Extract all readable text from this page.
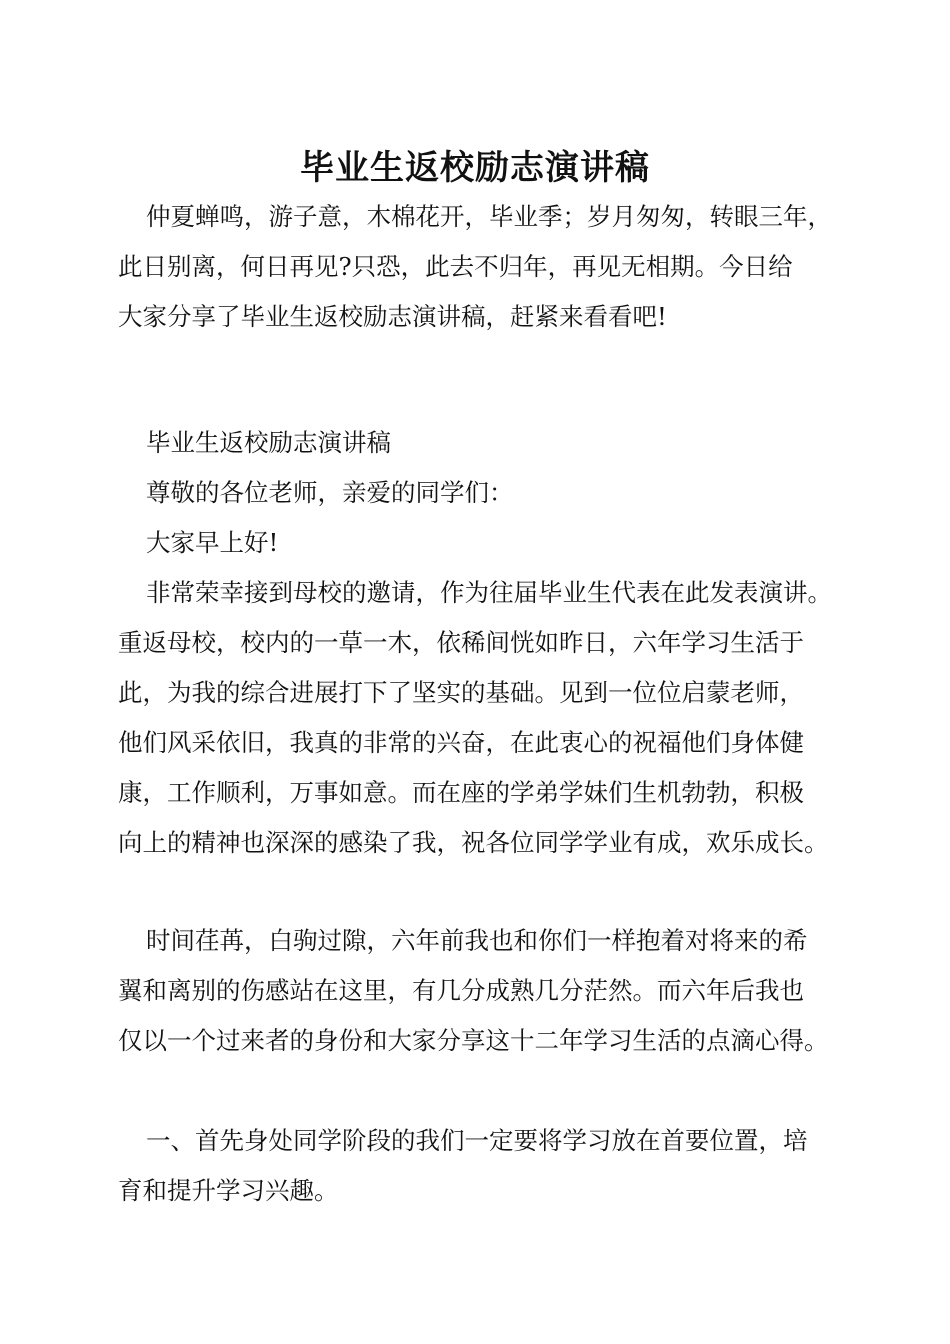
毕业生返校励志演讲稿

仲夏蝉鸣，游子意，木棉花开，毕业季；岁月匆匆，转眼三年，
此日别离，何日再见?只恐，此去不归年，再见无相期。今日给
大家分享了毕业生返校励志演讲稿，赶紧来看看吧!

毕业生返校励志演讲稿

尊敬的各位老师，亲爱的同学们：

大家早上好!

非常荣幸接到母校的邀请，作为往届毕业生代表在此发表演讲。
重返母校，校内的一草一木，依稀间恍如昨日，六年学习生活于
此，为我的综合进展打下了坚实的基础。见到一位位启蒙老师，
他们风采依旧，我真的非常的兴奋，在此衷心的祝福他们身体健
康，工作顺利，万事如意。而在座的学弟学妹们生机勃勃，积极
向上的精神也深深的感染了我，祝各位同学学业有成，欢乐成长。

时间荏苒，白驹过隙，六年前我也和你们一样抱着对将来的希
翼和离别的伤感站在这里，有几分成熟几分茫然。而六年后我也
仅以一个过来者的身份和大家分享这十二年学习生活的点滴心得。

一、首先身处同学阶段的我们一定要将学习放在首要位置，培
育和提升学习兴趣。
